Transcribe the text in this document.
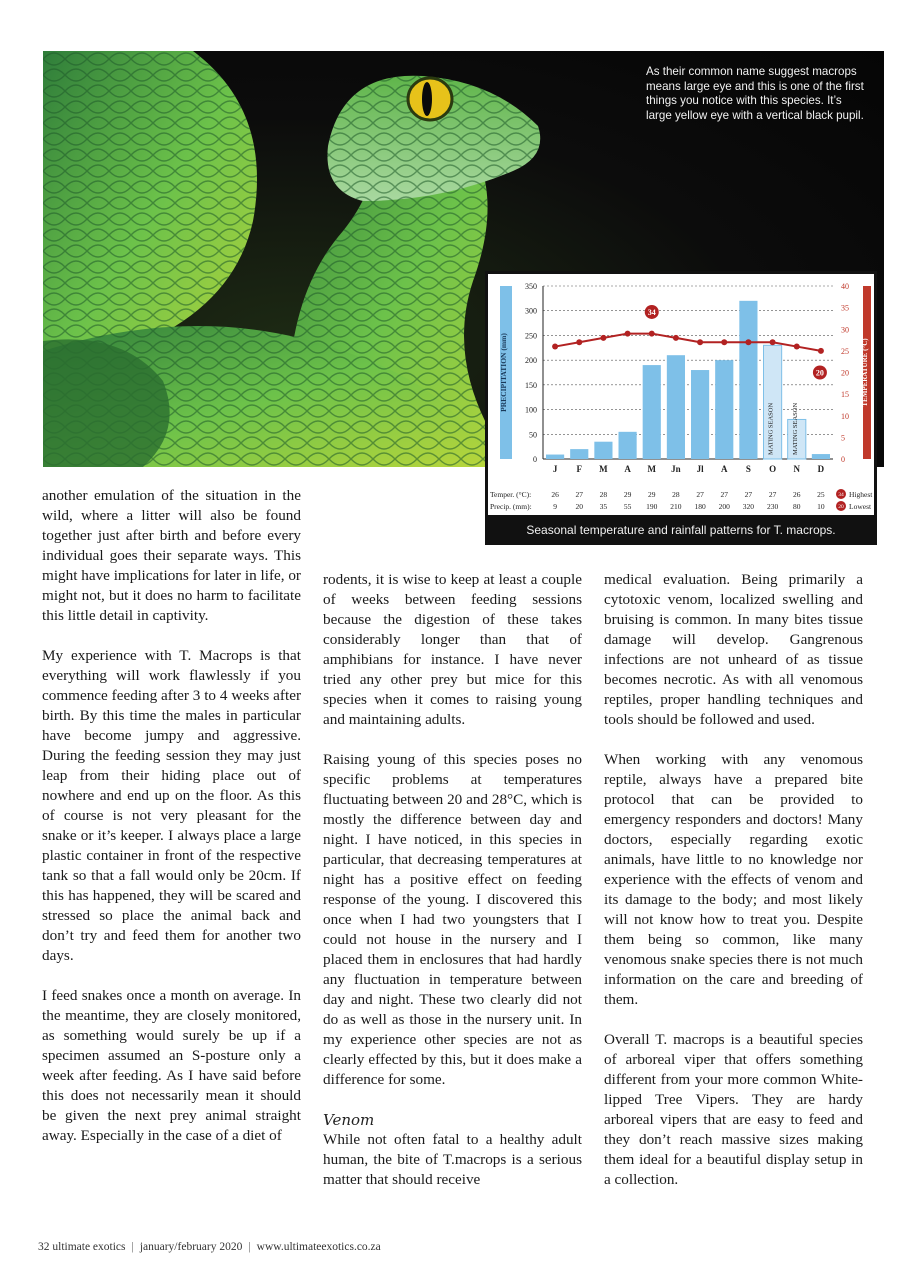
As their common name suggest macrops means large eye and this is one of the first things you notice with this species. It’s large yellow eye with a vertical black pupil.
0
50
100
150
200
250
300
350
0
5
10
15
20
25
30
35
40
PRECIPITATION (mm)	TEMPERATURE (°C)
J F M A M Jn Jl A S O N D
MATING SEASON	MATING SEASON
34
20
Temper. (°C):
Precip. (mm):
26 27 28 29 29 28 27 27 27 27 26 25
9 20 35 55 190 210 180 200 320 230 80 10
34 Highest
20 Lowest
Seasonal temperature and rainfall patterns for T. macrops.

another emulation of the situation in the wild, where a litter will also be found together just after birth and before every individual goes their separate ways. This might have implications for later in life, or might not, but it does no harm to facilitate this little detail in captivity.

My experience with T. Macrops is that everything will work flawlessly if you commence feeding after 3 to 4 weeks after birth. By this time the males in particular have become jumpy and aggressive. During the feeding session they may just leap from their hiding place out of nowhere and end up on the floor. As this of course is not very pleasant for the snake or it’s keeper. I always place a large plastic container in front of the respective tank so that a fall would only be 20cm. If this has happened, they will be scared and stressed so place the animal back and don’t try and feed them for another two days.

I feed snakes once a month on average. In the meantime, they are closely monitored, as something would surely be up if a specimen assumed an S-posture only a week after feeding. As I have said before this does not necessarily mean it should be given the next prey animal straight away. Especially in the case of a diet of

rodents, it is wise to keep at least a couple of weeks between feeding sessions because the digestion of these takes considerably longer than that of amphibians for instance. I have never tried any other prey but mice for this species when it comes to raising young and maintaining adults.

Raising young of this species poses no specific problems at temperatures fluctuating between 20 and 28°C, which is mostly the difference between day and night. I have noticed, in this species in particular, that decreasing temperatures at night has a positive effect on feeding response of the young. I discovered this once when I had two youngsters that I could not house in the nursery and I placed them in enclosures that had hardly any fluctuation in temperature between day and night. These two clearly did not do as well as those in the nursery unit. In my experience other species are not as clearly effected by this, but it does make a difference for some.

Venom

While not often fatal to a healthy adult human, the bite of T.macrops is a serious matter that should receive

medical evaluation. Being primarily a cytotoxic venom, localized swelling and bruising is common. In many bites tissue damage will develop. Gangrenous infections are not unheard of as tissue becomes necrotic. As with all venomous reptiles, proper handling techniques and tools should be followed and used.

When working with any venomous reptile, always have a prepared bite protocol that can be provided to emergency responders and doctors! Many doctors, especially regarding exotic animals, have little to no knowledge nor experience with the effects of venom and its damage to the body; and most likely will not know how to treat you. Despite them being so common, like many venomous snake species there is not much information on the care and breeding of them.

Overall T. macrops is a beautiful species of arboreal viper that offers something different from your more common White-lipped Tree Vipers. They are hardy arboreal vipers that are easy to feed and they don’t reach massive sizes making them ideal for a beautiful display setup in a collection.

32 ultimate exotics | january/february 2020 | www.ultimateexotics.co.za
